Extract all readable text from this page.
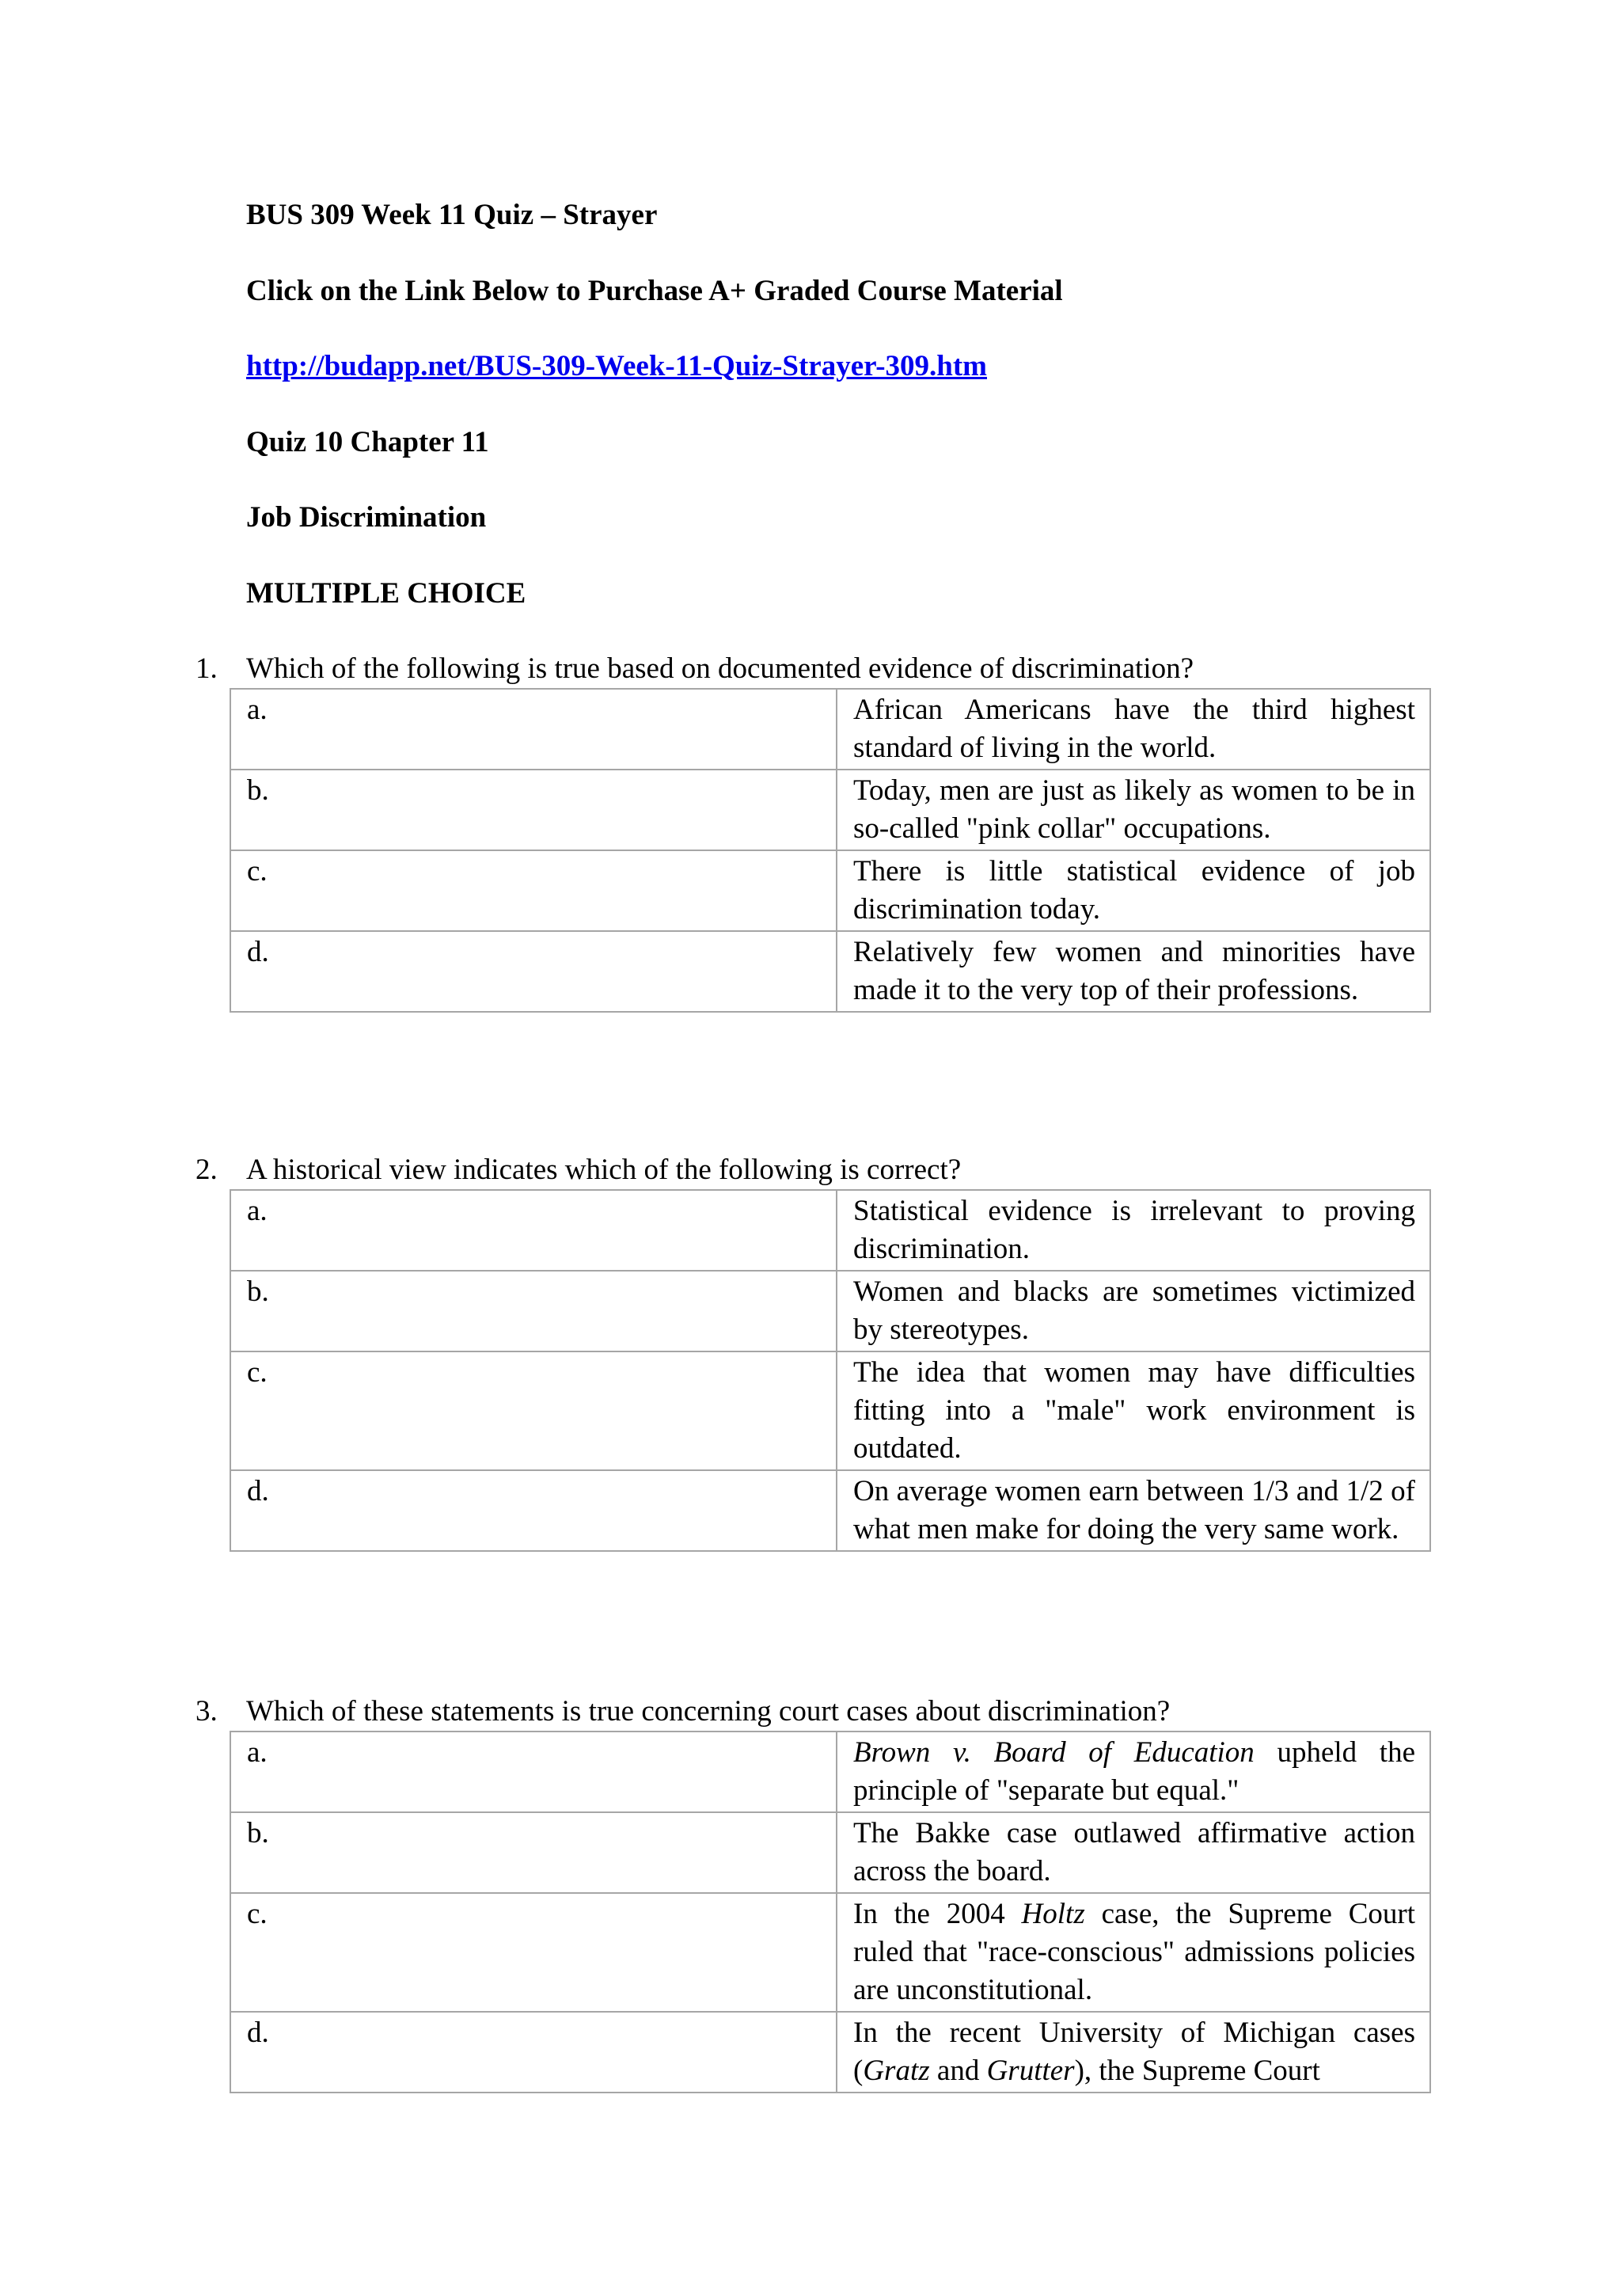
BUS 309 Week 11 Quiz – Strayer
Click on the Link Below to Purchase A+ Graded Course Material
http://budapp.net/BUS-309-Week-11-Quiz-Strayer-309.htm
Quiz 10 Chapter 11
Job Discrimination
MULTIPLE CHOICE
1. Which of the following is true based on documented evidence of discrimination?
a.	African Americans have the third highest standard of living in the world.
b.	Today, men are just as likely as women to be in so-called "pink collar" occupations.
c.	There is little statistical evidence of job discrimination today.
d.	Relatively few women and minorities have made it to the very top of their professions.
2. A historical view indicates which of the following is correct?
a.	Statistical evidence is irrelevant to proving discrimination.
b.	Women and blacks are sometimes victimized by stereotypes.
c.	The idea that women may have difficulties fitting into a "male" work environment is outdated.
d.	On average women earn between 1/3 and 1/2 of what men make for doing the very same work.
3. Which of these statements is true concerning court cases about discrimination?
a.	Brown v. Board of Education upheld the principle of "separate but equal."
b.	The Bakke case outlawed affirmative action across the board.
c.	In the 2004 Holtz case, the Supreme Court ruled that "race-conscious" admissions policies are unconstitutional.
d.	In the recent University of Michigan cases (Gratz and Grutter), the Supreme Court
